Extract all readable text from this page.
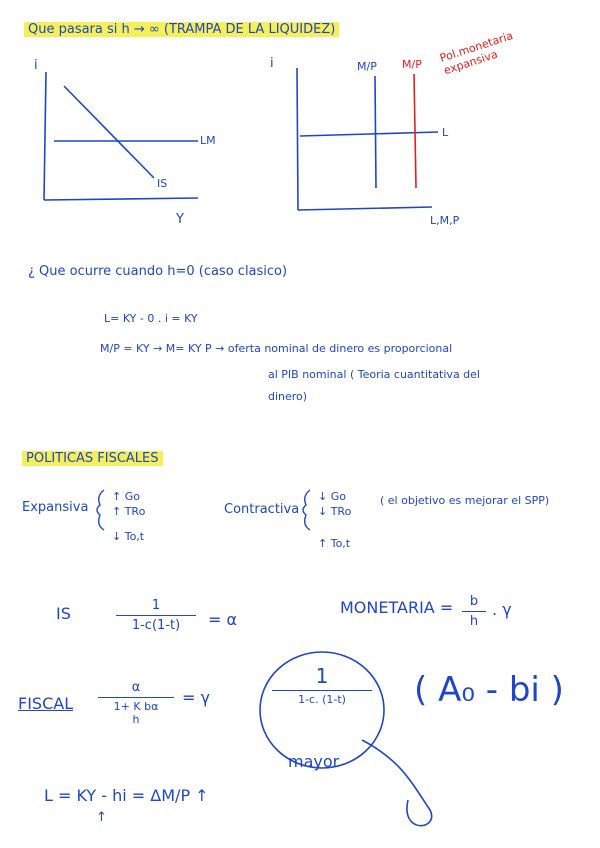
Que pasara si h → ∞ (TRAMPA DE LA LIQUIDEZ)
i
LM
IS
Y
i	M/P M/P Pol.monetaria expansiva
L
L,M,P
¿ Que ocurre cuando h=0 (caso clasico)
L= KY - 0 . i = KY
M/P = KY → M= KY P → oferta nominal de dinero es proporcional
al PIB nominal ( Teoria cuantitativa del
dinero)
POLITICAS FISCALES
Expansiva
↑ Go
↑ TRo
↓ To,t
Contractiva
↓ Go
↓ TRo
↑ To,t
( el objetivo es mejorar el SPP)
IS	1
1-c(1-t)	= α
MONETARIA =	b
h
. γ
FISCAL
α
1+ K bα
h
= γ
1
1-c. (1-t)
mayor
( A₀ - bi )
L = KY - hi = ΔM/P ↑
↑
